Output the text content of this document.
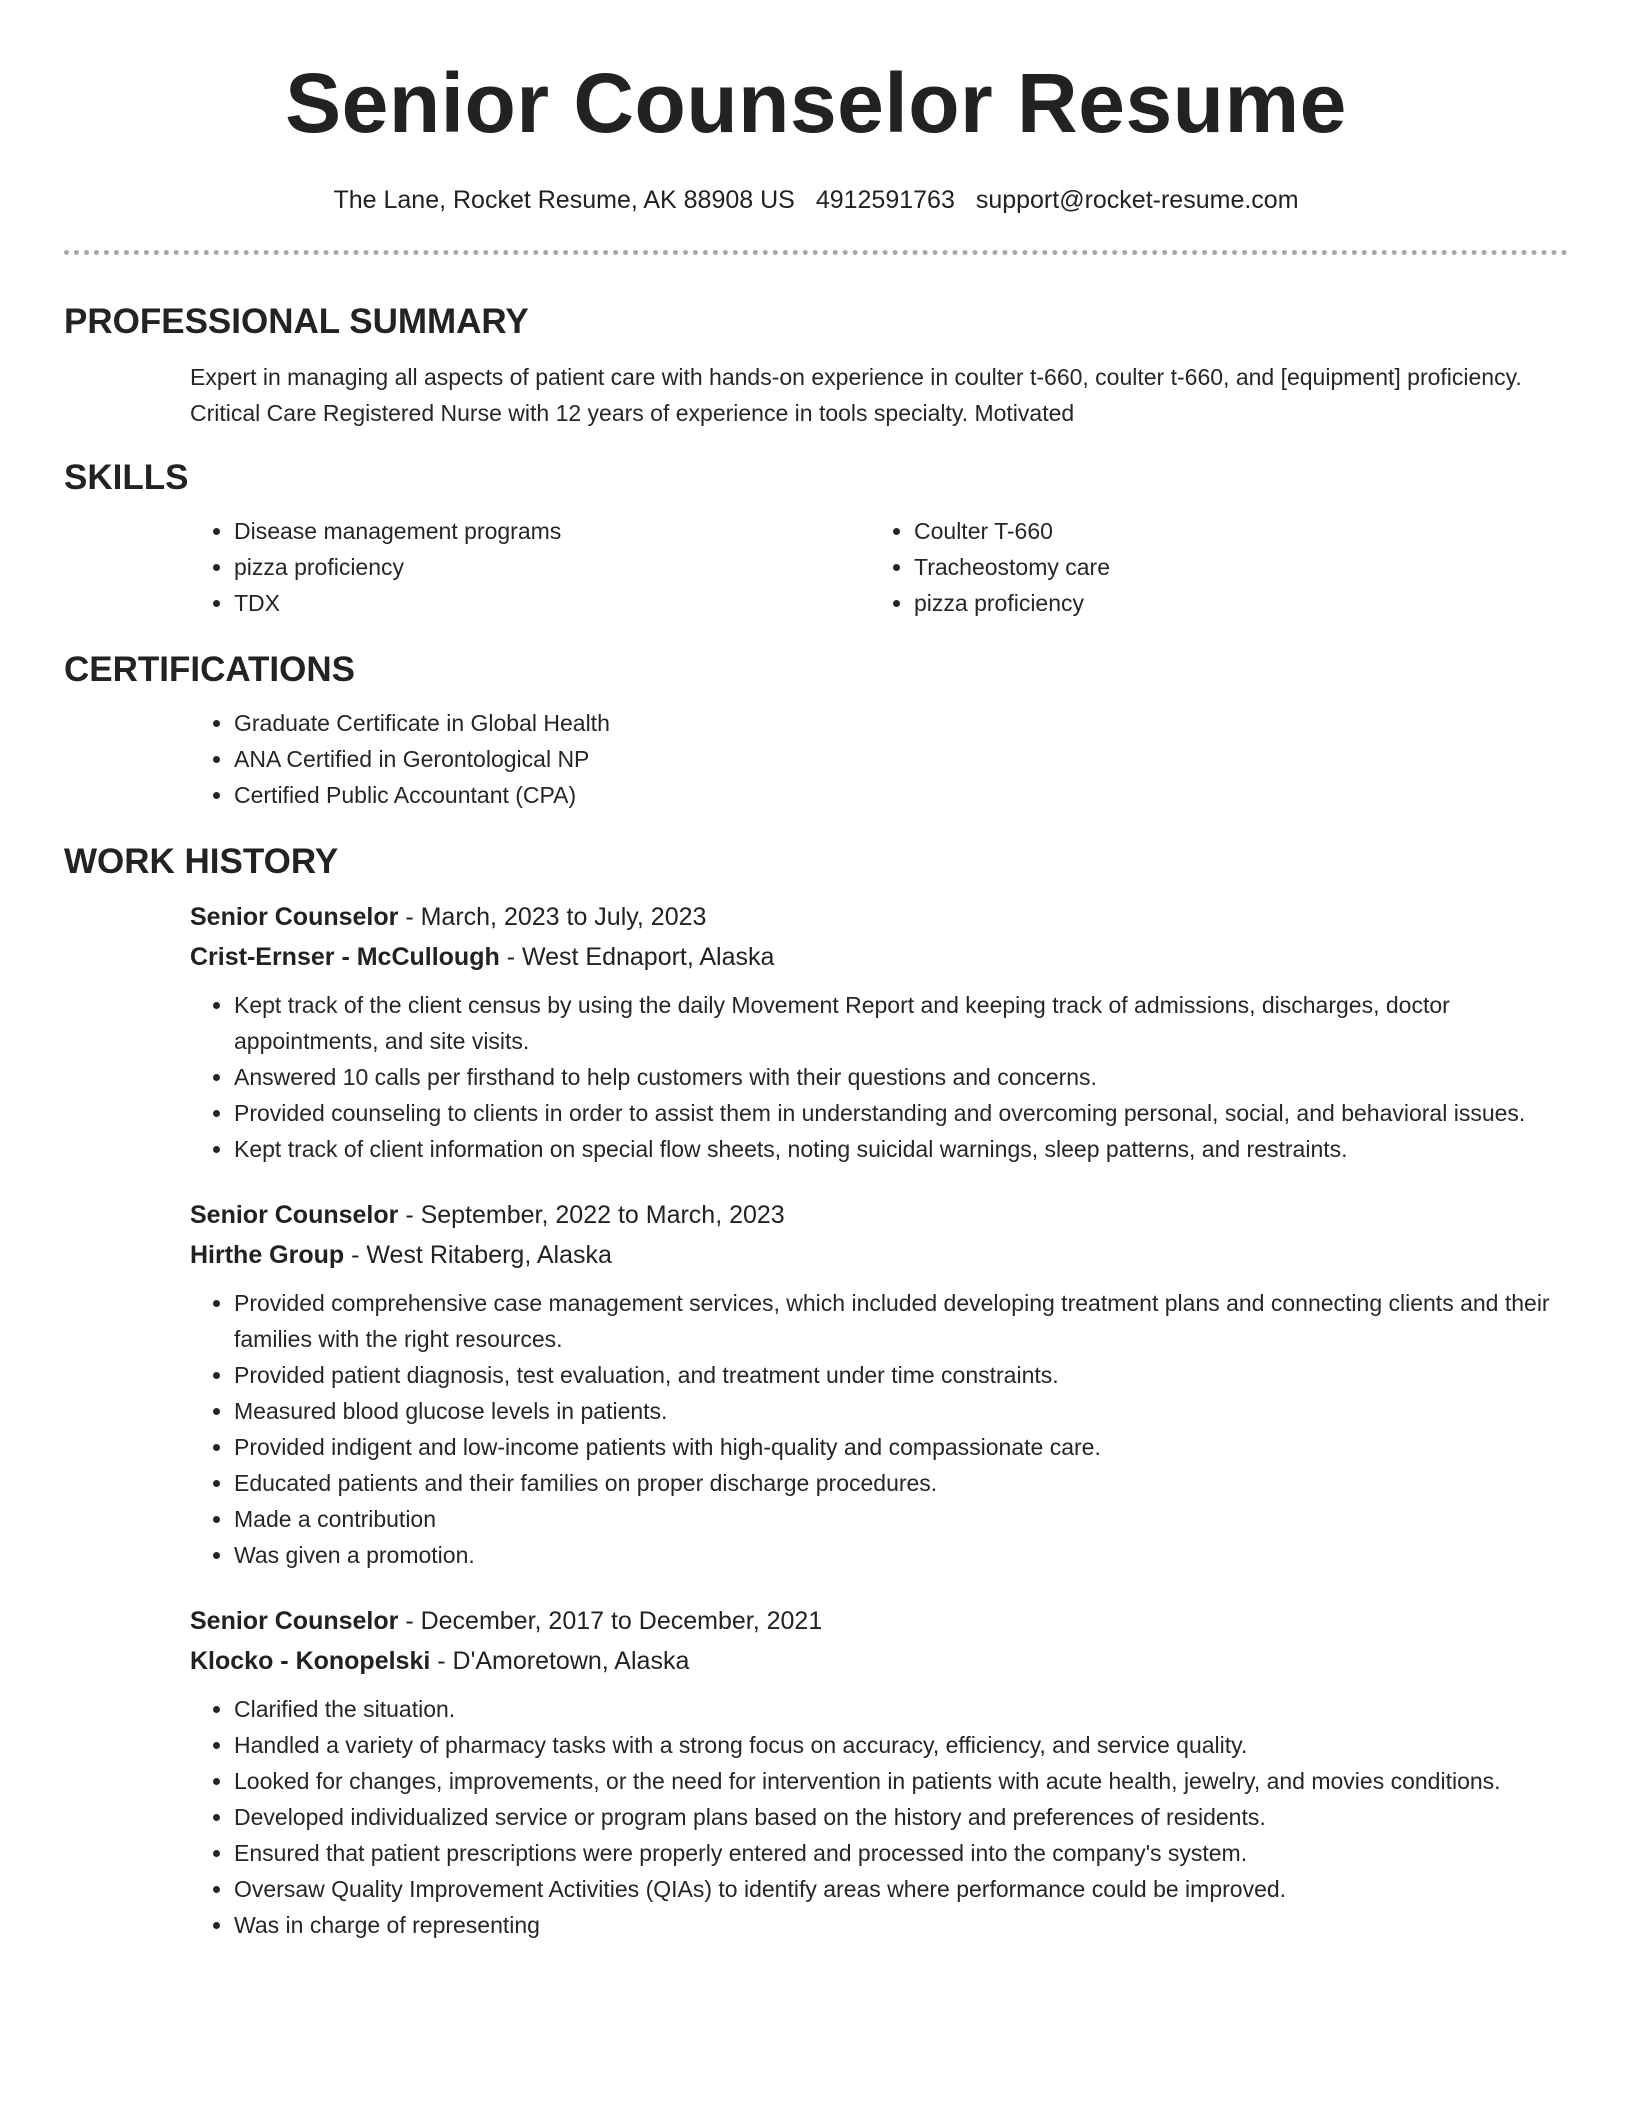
Senior Counselor Resume
The Lane, Rocket Resume, AK 88908 US 4912591763 support@rocket-resume.com
PROFESSIONAL SUMMARY
Expert in managing all aspects of patient care with hands-on experience in coulter t-660, coulter t-660, and [equipment] proficiency. Critical Care Registered Nurse with 12 years of experience in tools specialty. Motivated
SKILLS
• Disease management programs
• pizza proficiency
• TDX
• Coulter T-660
• Tracheostomy care
• pizza proficiency
CERTIFICATIONS
• Graduate Certificate in Global Health
• ANA Certified in Gerontological NP
• Certified Public Accountant (CPA)
WORK HISTORY
Senior Counselor - March, 2023 to July, 2023
Crist-Ernser - McCullough - West Ednaport, Alaska
• Kept track of the client census by using the daily Movement Report and keeping track of admissions, discharges, doctor appointments, and site visits.
• Answered 10 calls per firsthand to help customers with their questions and concerns.
• Provided counseling to clients in order to assist them in understanding and overcoming personal, social, and behavioral issues.
• Kept track of client information on special flow sheets, noting suicidal warnings, sleep patterns, and restraints.
Senior Counselor - September, 2022 to March, 2023
Hirthe Group - West Ritaberg, Alaska
• Provided comprehensive case management services, which included developing treatment plans and connecting clients and their families with the right resources.
• Provided patient diagnosis, test evaluation, and treatment under time constraints.
• Measured blood glucose levels in patients.
• Provided indigent and low-income patients with high-quality and compassionate care.
• Educated patients and their families on proper discharge procedures.
• Made a contribution
• Was given a promotion.
Senior Counselor - December, 2017 to December, 2021
Klocko - Konopelski - D'Amoretown, Alaska
• Clarified the situation.
• Handled a variety of pharmacy tasks with a strong focus on accuracy, efficiency, and service quality.
• Looked for changes, improvements, or the need for intervention in patients with acute health, jewelry, and movies conditions.
• Developed individualized service or program plans based on the history and preferences of residents.
• Ensured that patient prescriptions were properly entered and processed into the company's system.
• Oversaw Quality Improvement Activities (QIAs) to identify areas where performance could be improved.
• Was in charge of representing
